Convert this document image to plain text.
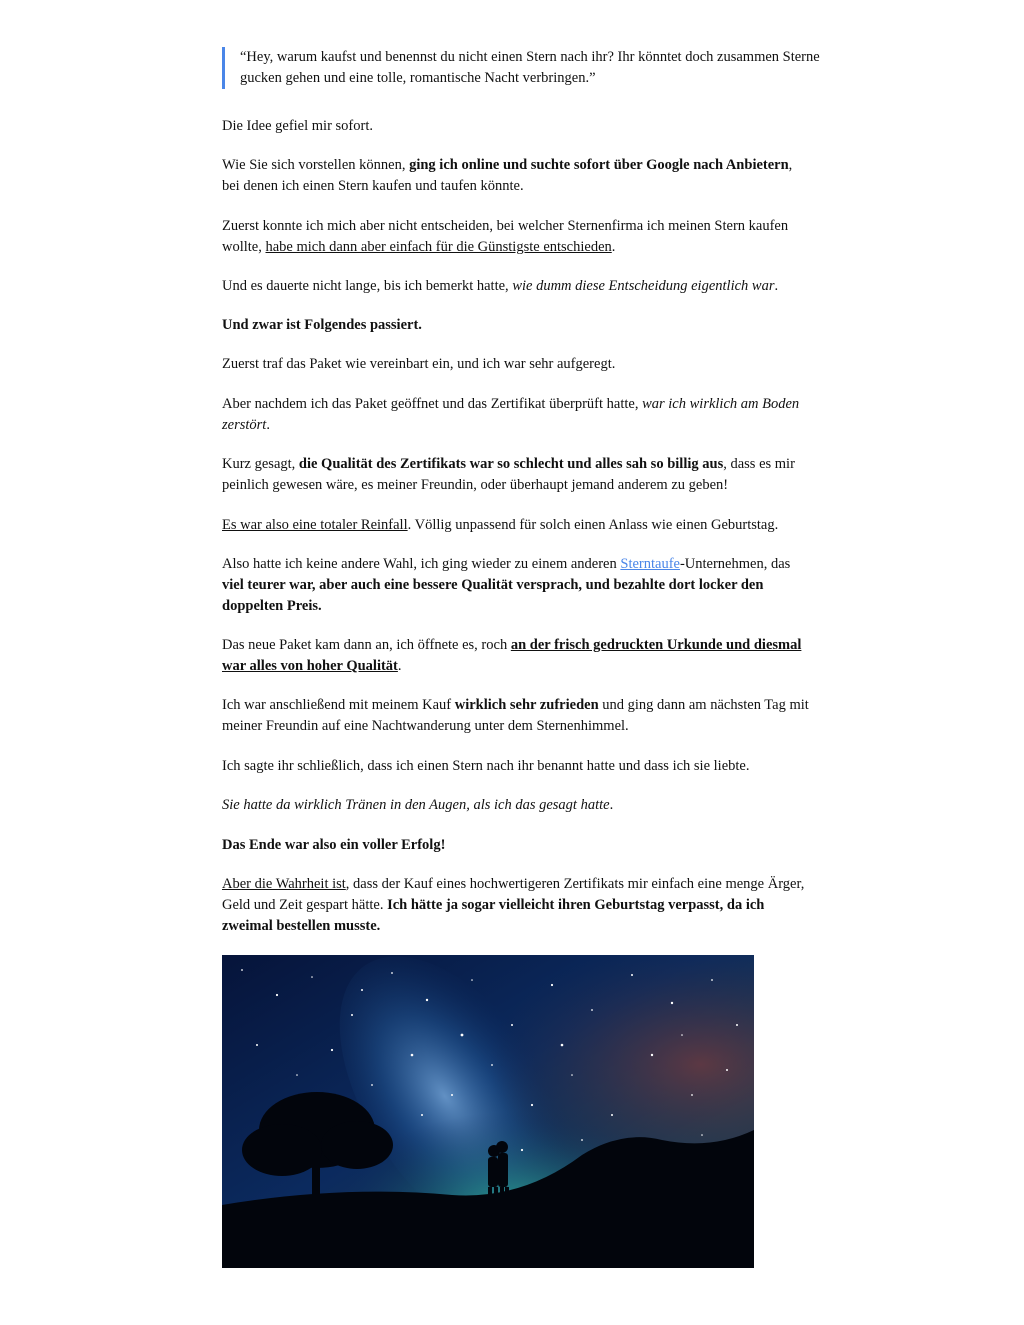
“Hey, warum kaufst und benennst du nicht einen Stern nach ihr? Ihr könntet doch zusammen Sterne gucken gehen und eine tolle, romantische Nacht verbringen.”

Die Idee gefiel mir sofort.

Wie Sie sich vorstellen können, ging ich online und suchte sofort über Google nach Anbietern, bei denen ich einen Stern kaufen und taufen könnte.

Zuerst konnte ich mich aber nicht entscheiden, bei welcher Sternenfirma ich meinen Stern kaufen wollte, habe mich dann aber einfach für die Günstigste entschieden.

Und es dauerte nicht lange, bis ich bemerkt hatte, wie dumm diese Entscheidung eigentlich war.

Und zwar ist Folgendes passiert.

Zuerst traf das Paket wie vereinbart ein, und ich war sehr aufgeregt.

Aber nachdem ich das Paket geöffnet und das Zertifikat überprüft hatte, war ich wirklich am Boden zerstört.

Kurz gesagt, die Qualität des Zertifikats war so schlecht und alles sah so billig aus, dass es mir peinlich gewesen wäre, es meiner Freundin, oder überhaupt jemand anderem zu geben!

Es war also eine totaler Reinfall. Völlig unpassend für solch einen Anlass wie einen Geburtstag.

Also hatte ich keine andere Wahl, ich ging wieder zu einem anderen Sterntaufe-Unternehmen, das viel teurer war, aber auch eine bessere Qualität versprach, und bezahlte dort locker den doppelten Preis.

Das neue Paket kam dann an, ich öffnete es, roch an der frisch gedruckten Urkunde und diesmal war alles von hoher Qualität.

Ich war anschließend mit meinem Kauf wirklich sehr zufrieden und ging dann am nächsten Tag mit meiner Freundin auf eine Nachtwanderung unter dem Sternenhimmel.

Ich sagte ihr schließlich, dass ich einen Stern nach ihr benannt hatte und dass ich sie liebte.

Sie hatte da wirklich Tränen in den Augen, als ich das gesagt hatte.

Das Ende war also ein voller Erfolg!

Aber die Wahrheit ist, dass der Kauf eines hochwertigeren Zertifikats mir einfach eine menge Ärger, Geld und Zeit gespart hätte. Ich hätte ja sogar vielleicht ihren Geburtstag verpasst, da ich zweimal bestellen musste.
